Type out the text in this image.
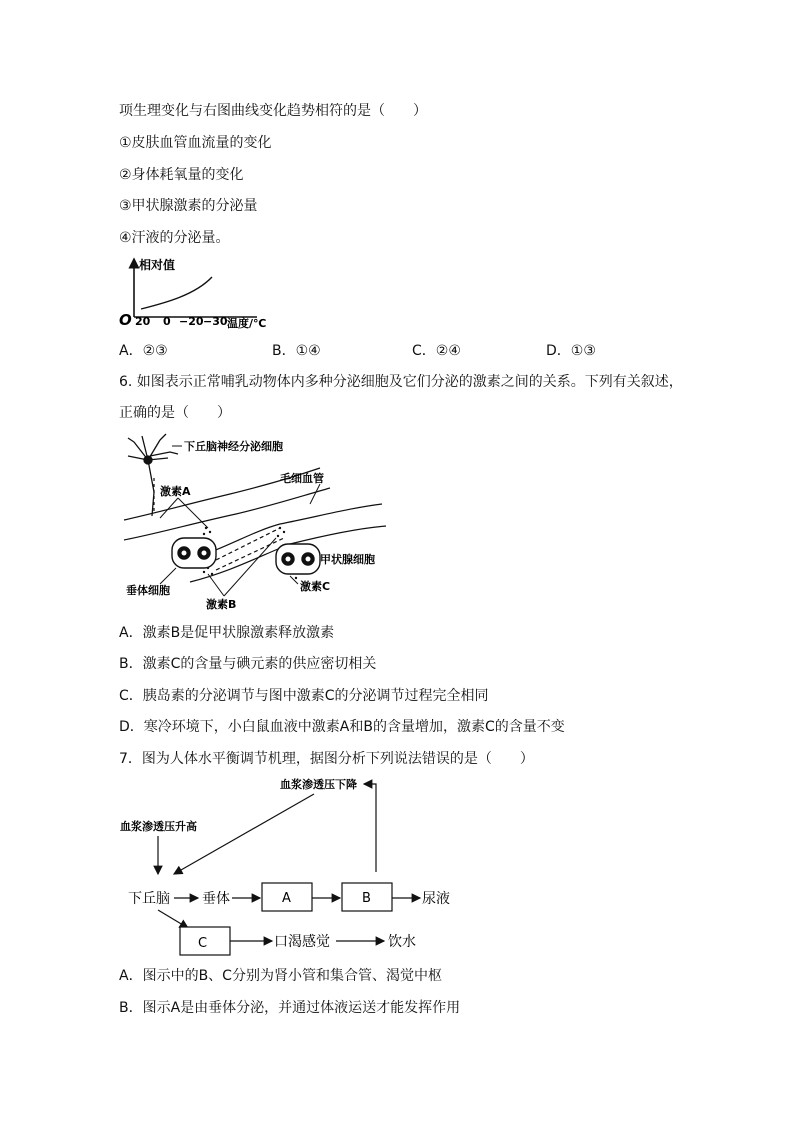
项生理变化与右图曲线变化趋势相符的是（　　）
①皮肤血管血流量的变化
②身体耗氧量的变化
③甲状腺激素的分泌量
④汗液的分泌量。
相对值
O 20 0 −20 −30 温度/℃
A．②③	B．①④	C．②④	D．①③
6. 如图表示正常哺乳动物体内多种分泌细胞及它们分泌的激素之间的关系。下列有关叙述，
正确的是（　　）
下丘脑神经分泌细胞
毛细血管
激素A
甲状腺细胞
激素C
垂体细胞
激素B
A．激素B是促甲状腺激素释放激素
B．激素C的含量与碘元素的供应密切相关
C．胰岛素的分泌调节与图中激素C的分泌调节过程完全相同
D．寒冷环境下，小白鼠血液中激素A和B的含量增加，激素C的含量不变
7．图为人体水平衡调节机理，据图分析下列说法错误的是（　　）
血浆渗透压下降
血浆渗透压升高
下丘脑 垂体	A	B	尿液
C	口渴感觉	饮水
A．图示中的B、C分别为肾小管和集合管、渴觉中枢
B．图示A是由垂体分泌，并通过体液运送才能发挥作用
